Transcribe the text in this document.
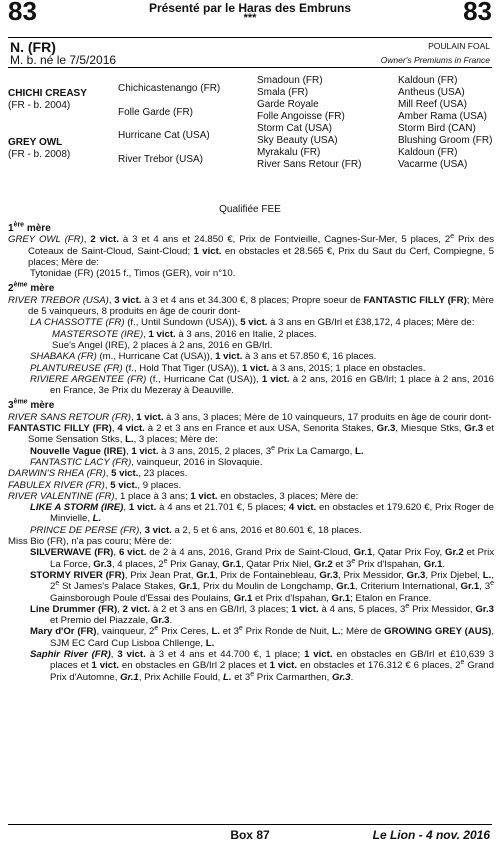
83	Présenté par le Haras des Embruns
***	83
N. (FR)
M. b. né le 7/5/2016
POULAIN FOAL
Owner's Premiums in France
CHICHI CREASY
(FR - b. 2004)
GREY OWL
(FR - b. 2008)
Chichicastenango (FR)
Folle Garde (FR)
Hurricane Cat (USA)
River Trebor (USA)
Smadoun (FR)
Smala (FR)
Garde Royale
Folle Angoisse (FR)
Storm Cat (USA)
Sky Beauty (USA)
Myrakalu (FR)
River Sans Retour (FR)
Kaldoun (FR)
Antheus (USA)
Mill Reef (USA)
Amber Rama (USA)
Storm Bird (CAN)
Blushing Groom (FR)
Kaldoun (FR)
Vacarme (USA)
Qualifiée FEE
1ère mère
GREY OWL (FR), 2 vict. à 3 et 4 ans et 24.850 €, Prix de Fontvieille, Cagnes-Sur-Mer, 5 places, 2e Prix des Coteaux de Saint-Cloud, Saint-Cloud; 1 vict. en obstacles et 28.565 €, Prix du Saut du Cerf, Compiegne, 5 places; Mère de:
Tytonidae (FR) (2015 f., Timos (GER), voir n°10.
2ème mère
RIVER TREBOR (USA), 3 vict. à 3 et 4 ans et 34.300 €, 8 places; Propre soeur de FANTASTIC FILLY (FR); Mère de 5 vainqueurs, 8 produits en âge de courir dont-
LA CHASSOTTE (FR) (f., Until Sundown (USA)), 5 vict. à 3 ans en GB/Irl et £38,172, 4 places; Mère de:
MASTERSOTE (IRE), 1 vict. à 3 ans, 2016 en Italie, 2 places.
Sue's Angel (IRE), 2 places à 2 ans, 2016 en GB/Irl.
SHABAKA (FR) (m., Hurricane Cat (USA)), 1 vict. à 3 ans et 57.850 €, 16 places.
PLANTUREUSE (FR) (f., Hold That Tiger (USA)), 1 vict. à 3 ans, 2015; 1 place en obstacles.
RIVIERE ARGENTEE (FR) (f., Hurricane Cat (USA)), 1 vict. à 2 ans, 2016 en GB/Irl; 1 place à 2 ans, 2016 en France, 3e Prix du Mezeray à Deauville.
3ème mère
RIVER SANS RETOUR (FR), 1 vict. à 3 ans, 3 places; Mère de 10 vainqueurs, 17 produits en âge de courir dont-
FANTASTIC FILLY (FR), 4 vict. à 2 et 3 ans en France et aux USA, Senorita Stakes, Gr.3, Miesque Stks, Gr.3 et Some Sensation Stks, L., 3 places; Mère de:
Nouvelle Vague (IRE), 1 vict. à 3 ans, 2015, 2 places, 3e Prix La Camargo, L.
FANTASTIC LACY (FR), vainqueur, 2016 in Slovaquie.
DARWIN'S RHEA (FR), 5 vict., 23 places.
FABULEX RIVER (FR), 5 vict., 9 places.
RIVER VALENTINE (FR), 1 place à 3 ans; 1 vict. en obstacles, 3 places; Mère de:
LIKE A STORM (IRE), 1 vict. à 4 ans et 21.701 €, 5 places; 4 vict. en obstacles et 179.620 €, Prix Roger de Minvielle, L.
PRINCE DE PERSE (FR), 3 vict. a 2, 5 et 6 ans, 2016 et 80.601 €, 18 places.
Miss Bio (FR), n'a pas couru; Mère de:
SILVERWAVE (FR), 6 vict. de 2 à 4 ans, 2016, Grand Prix de Saint-Cloud, Gr.1, Qatar Prix Foy, Gr.2 et Prix La Force, Gr.3, 4 places, 2e Prix Ganay, Gr.1, Qatar Prix Niel, Gr.2 et 3e Prix d'Ispahan, Gr.1.
STORMY RIVER (FR), Prix Jean Prat, Gr.1, Prix de Fontainebleau, Gr.3, Prix Messidor, Gr.3, Prix Djebel, L., 2e St James's Palace Stakes, Gr.1, Prix du Moulin de Longchamp, Gr.1, Criterium International, Gr.1, 3e Gainsborough Poule d'Essai des Poulains, Gr.1 et Prix d'Ispahan, Gr.1; Etalon en France.
Line Drummer (FR), 2 vict. à 2 et 3 ans en GB/Irl, 3 places; 1 vict. à 4 ans, 5 places, 3e Prix Messidor, Gr.3 et Premio del Piazzale, Gr.3.
Mary d'Or (FR), vainqueur, 2e Prix Ceres, L. et 3e Prix Ronde de Nuit, L.; Mère de GROWING GREY (AUS), SJM EC Card Cup Lisboa Chllenge, L.
Saphir River (FR), 3 vict. à 3 et 4 ans et 44.700 €, 1 place; 1 vict. en obstacles en GB/Irl et £10,639 3 places et 1 vict. en obstacles en GB/Irl 2 places et 1 vict. en obstacles et 176.312 € 6 places, 2e Grand Prix d'Automne, Gr.1, Prix Achille Fould, L. et 3e Prix Carmarthen, Gr.3.
Box 87	Le Lion - 4 nov. 2016
